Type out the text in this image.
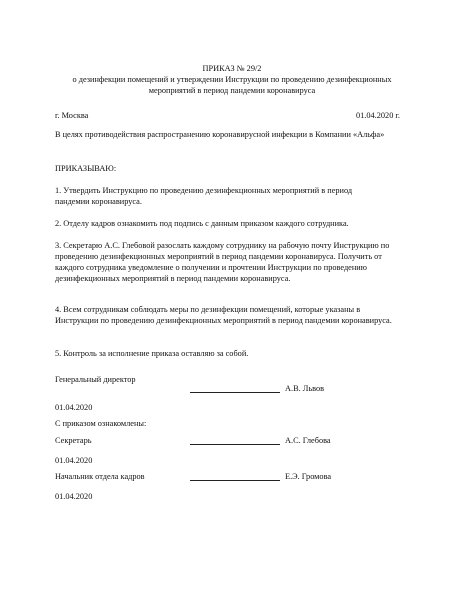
ПРИКАЗ № 29/2
о дезинфекции помещений и утверждении Инструкции по проведению дезинфекционных
мероприятий в период пандемии коронавируса
г. Москва	01.04.2020 г.
В целях противодействия распространению коронавирусной инфекции в Компании «Альфа»
ПРИКАЗЫВАЮ:
1. Утвердить Инструкцию по проведению дезинфекционных мероприятий в период пандемии коронавируса.
2. Отделу кадров ознакомить под подпись с данным приказом каждого сотрудника.
3. Секретарю А.С. Глебовой разослать каждому сотруднику на рабочую почту Инструкцию по проведению дезинфекционных мероприятий в период пандемии коронавируса. Получить от каждого сотрудника уведомление о получении и прочтении Инструкции по проведению дезинфекционных мероприятий в период пандемии коронавируса.
4. Всем сотрудникам соблюдать меры по дезинфекции помещений, которые указаны в Инструкции по проведению дезинфекционных мероприятий в период пандемии коронавируса.
5. Контроль за исполнение приказа оставляю за собой.
Генеральный директор
А.В. Львов
01.04.2020
С приказом ознакомлены:
Секретарь	А.С. Глебова
01.04.2020
Начальник отдела кадров	Е.Э. Громова
01.04.2020
